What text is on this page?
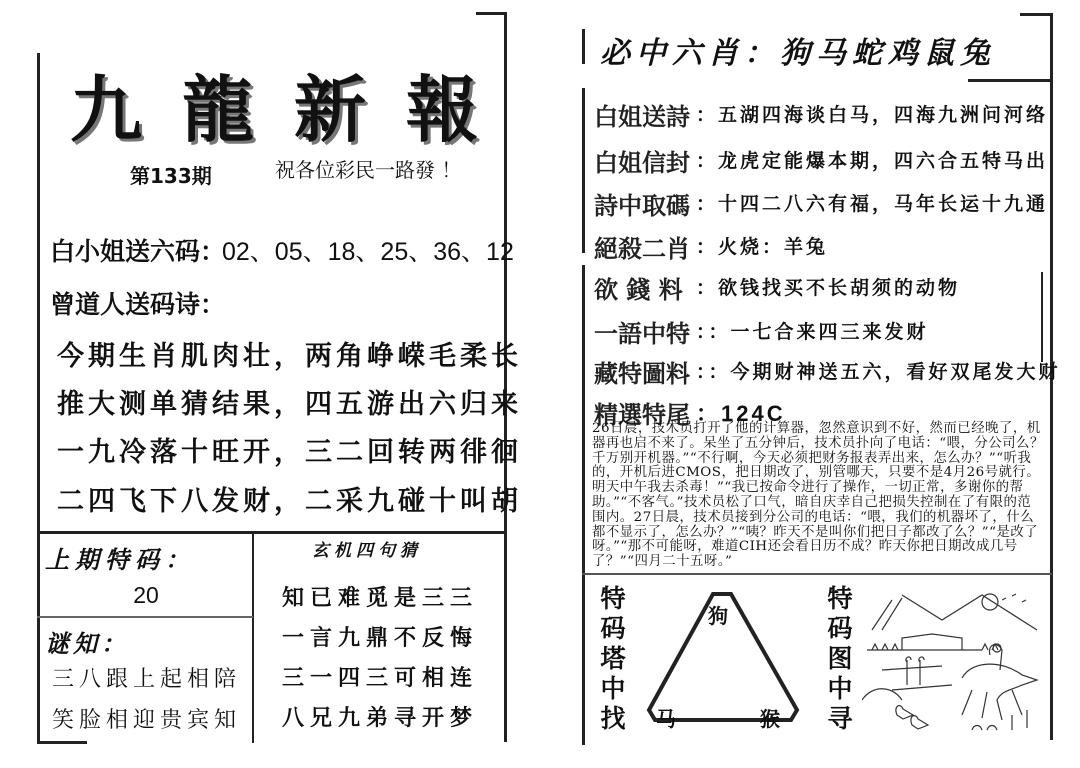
九龍新報
第133期	祝各位彩民一路發 ！
白小姐送六码：
02、05、18、25、36、12
曾道人送码诗：
今期生肖肌肉壮，两角峥嵘毛柔长
推大测单猜结果，四五游出六归来
一九冷落十旺开，三二回转两徘徊
二四飞下八发财，二采九碰十叫胡
上期特码：
20
谜知：
三八跟上起相陪
笑脸相迎贵宾知
玄机四句猜
知已难觅是三三
一言九鼎不反悔
三一四三可相连
八兄九弟寻开梦
必中六肖：狗马蛇鸡鼠兔
白姐送詩 ：五湖四海谈白马，四海九洲问河络
白姐信封 ：龙虎定能爆本期，四六合五特马出
詩中取碼 ：十四二八六有福，马年长运十九通
絕殺二肖 ：火烧：羊兔
欲 錢 料 ：欲钱找买不长胡须的动物
一語中特 ：：一七合来四三来发财
藏特圖料 ：：今期财神送五六，看好双尾发大财
精選特尾 ：124C
26日晨，技术员打开了他的计算器，忽然意识到不好，然而已经晚了，机器再也启不来了。呆坐了五分钟后，技术员扑向了电话：“喂，分公司么？千万别开机器。”“不行啊，今天必须把财务报表弄出来，怎么办？”“听我的，开机后进CMOS，把日期改了，别管哪天，只要不是4月26号就行。明天中午我去杀毒！”“我已按命令进行了操作，一切正常，多谢你的帮助。”“不客气。”技术员松了口气，暗自庆幸自己把损失控制在了有限的范围内。27日晨，技术员接到分公司的电话：“喂，我们的机器坏了，什么都不显示了，怎么办？”“咦？昨天不是叫你们把日子都改了么？”“是改了呀。”“那不可能呀，难道CIH还会看日历不成？昨天你把日期改成几号了？”“四月二十五呀。”
特 码 塔 中 找
狗
马	猴
特 码 图 中 寻
